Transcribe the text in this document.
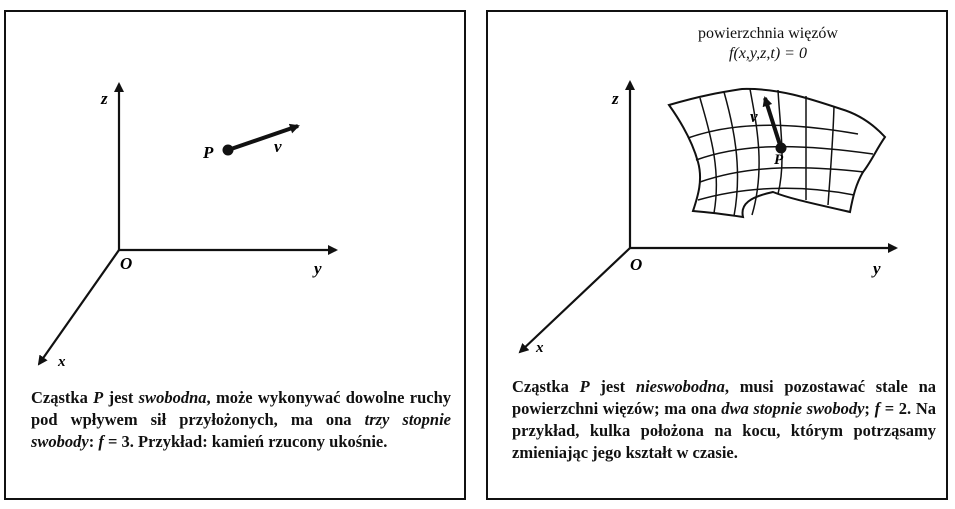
z
y
x
O
P	v

Cząstka P jest swobodna, może wykonywać dowolne ruchy pod wpływem sił przyłożonych, ma ona trzy stopnie swobody: f = 3. Przykład: kamień rzucony ukośnie.

powierzchnia więzów
f(x,y,z,t) = 0
z
y
x
O
P
v

Cząstka P jest nieswobodna, musi pozostawać stale na powierzchni więzów; ma ona dwa stopnie swobody; f = 2. Na przykład, kulka położona na kocu, którym potrząsamy zmieniając jego kształt w czasie.
